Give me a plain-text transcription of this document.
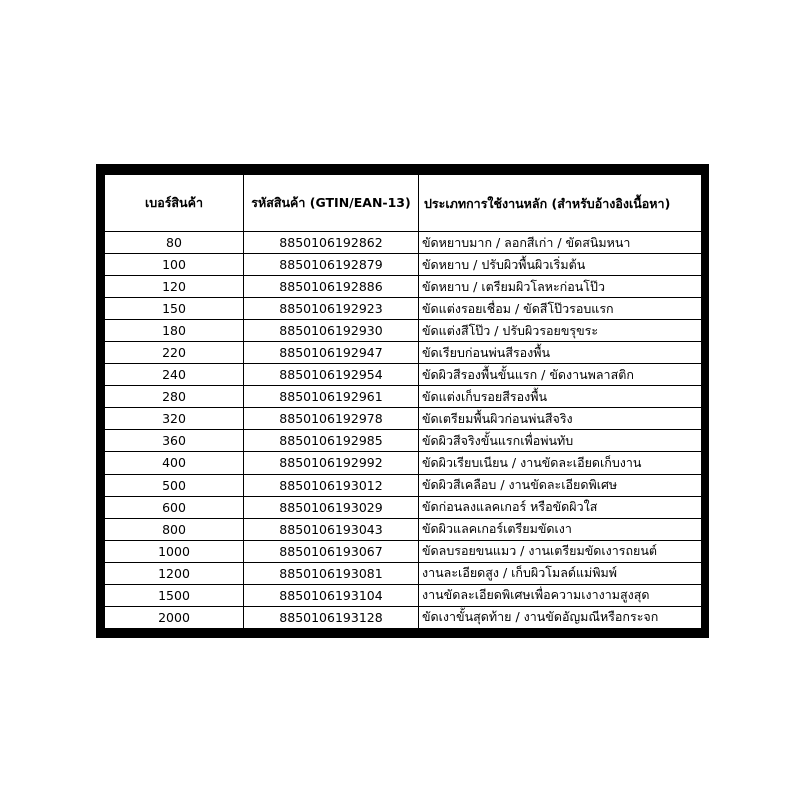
เบอร์สินค้า	รหัสสินค้า (GTIN/EAN-13)	ประเภทการใช้งานหลัก (สำหรับอ้างอิงเนื้อหา)
80	8850106192862	ขัดหยาบมาก / ลอกสีเก่า / ขัดสนิมหนา
100	8850106192879	ขัดหยาบ / ปรับผิวพื้นผิวเริ่มต้น
120	8850106192886	ขัดหยาบ / เตรียมผิวโลหะก่อนโป๊ว
150	8850106192923	ขัดแต่งรอยเชื่อม / ขัดสีโป๊วรอบแรก
180	8850106192930	ขัดแต่งสีโป๊ว / ปรับผิวรอยขรุขระ
220	8850106192947	ขัดเรียบก่อนพ่นสีรองพื้น
240	8850106192954	ขัดผิวสีรองพื้นขั้นแรก / ขัดงานพลาสติก
280	8850106192961	ขัดแต่งเก็บรอยสีรองพื้น
320	8850106192978	ขัดเตรียมพื้นผิวก่อนพ่นสีจริง
360	8850106192985	ขัดผิวสีจริงขั้นแรกเพื่อพ่นทับ
400	8850106192992	ขัดผิวเรียบเนียน / งานขัดละเอียดเก็บงาน
500	8850106193012	ขัดผิวสีเคลือบ / งานขัดละเอียดพิเศษ
600	8850106193029	ขัดก่อนลงแลคเกอร์ หรือขัดผิวใส
800	8850106193043	ขัดผิวแลคเกอร์เตรียมขัดเงา
1000	8850106193067	ขัดลบรอยขนแมว / งานเตรียมขัดเงารถยนต์
1200	8850106193081	งานละเอียดสูง / เก็บผิวโมลด์แม่พิมพ์
1500	8850106193104	งานขัดละเอียดพิเศษเพื่อความเงางามสูงสุด
2000	8850106193128	ขัดเงาขั้นสุดท้าย / งานขัดอัญมณีหรือกระจก
